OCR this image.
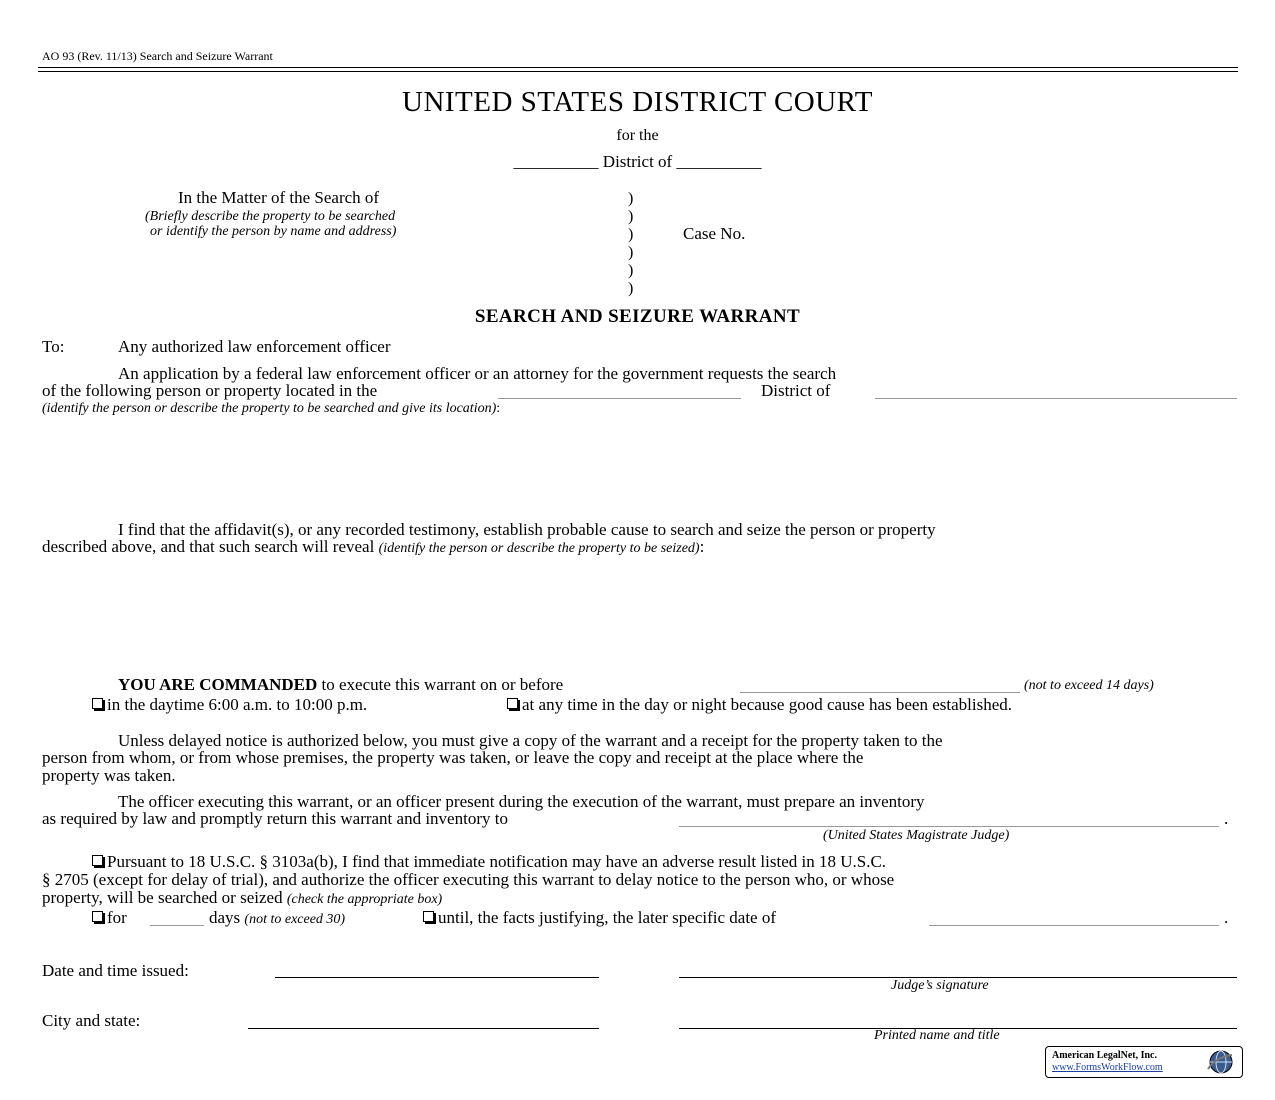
AO 93 (Rev. 11/13) Search and Seizure Warrant
UNITED STATES DISTRICT COURT
for the
__________ District of __________
In the Matter of the Search of
(Briefly describe the property to be searched
or identify the person by name and address)
)
)
)
)
)
)
Case No.
SEARCH AND SEIZURE WARRANT
To:	Any authorized law enforcement officer
An application by a federal law enforcement officer or an attorney for the government requests the search
of the following person or property located in the	District of
(identify the person or describe the property to be searched and give its location):
I find that the affidavit(s), or any recorded testimony, establish probable cause to search and seize the person or property
described above, and that such search will reveal (identify the person or describe the property to be seized):
YOU ARE COMMANDED to execute this warrant on or before	(not to exceed 14 days)
in the daytime 6:00 a.m. to 10:00 p.m.	at any time in the day or night because good cause has been established.
Unless delayed notice is authorized below, you must give a copy of the warrant and a receipt for the property taken to the
person from whom, or from whose premises, the property was taken, or leave the copy and receipt at the place where the
property was taken.
The officer executing this warrant, or an officer present during the execution of the warrant, must prepare an inventory
as required by law and promptly return this warrant and inventory to	.
(United States Magistrate Judge)
Pursuant to 18 U.S.C. § 3103a(b), I find that immediate notification may have an adverse result listed in 18 U.S.C.
§ 2705 (except for delay of trial), and authorize the officer executing this warrant to delay notice to the person who, or whose
property, will be searched or seized (check the appropriate box)
for	days (not to exceed 30)	until, the facts justifying, the later specific date of	.
Date and time issued:
Judge’s signature
City and state:
Printed name and title
American LegalNet, Inc.
www.FormsWorkFlow.com
